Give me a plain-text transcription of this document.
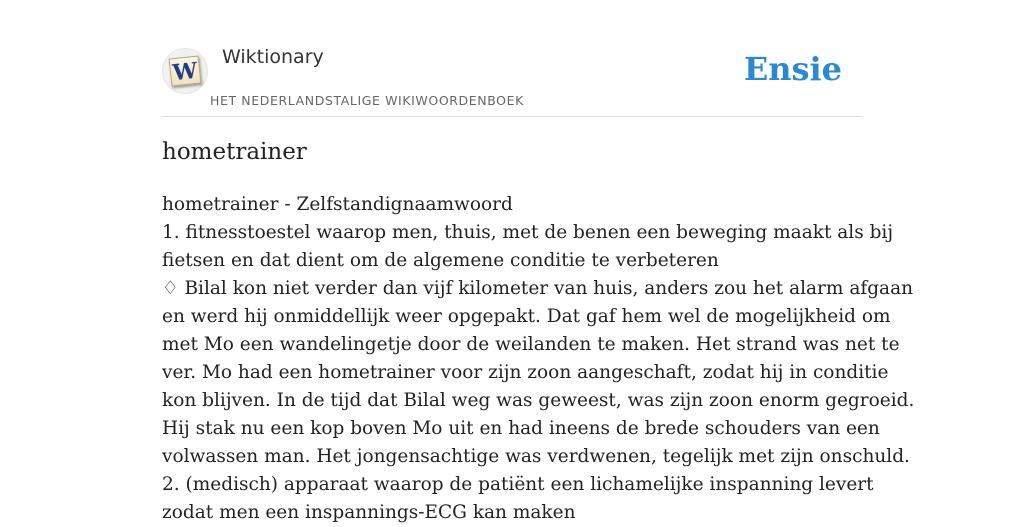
W
Wiktionary
HET NEDERLANDSTALIGE WIKIWOORDENBOEK
Ensie
hometrainer

hometrainer - Zelfstandignaamwoord

1. fitnesstoestel waarop men, thuis, met de benen een beweging maakt als bij

fietsen en dat dient om de algemene conditie te verbeteren

♢ Bilal kon niet verder dan vijf kilometer van huis, anders zou het alarm afgaan

en werd hij onmiddellijk weer opgepakt. Dat gaf hem wel de mogelijkheid om

met Mo een wandelingetje door de weilanden te maken. Het strand was net te

ver. Mo had een hometrainer voor zijn zoon aangeschaft, zodat hij in conditie

kon blijven. In de tijd dat Bilal weg was geweest, was zijn zoon enorm gegroeid.

Hij stak nu een kop boven Mo uit en had ineens de brede schouders van een

volwassen man. Het jongensachtige was verdwenen, tegelijk met zijn onschuld.

2. (medisch) apparaat waarop de patiënt een lichamelijke inspanning levert

zodat men een inspannings-ECG kan maken
